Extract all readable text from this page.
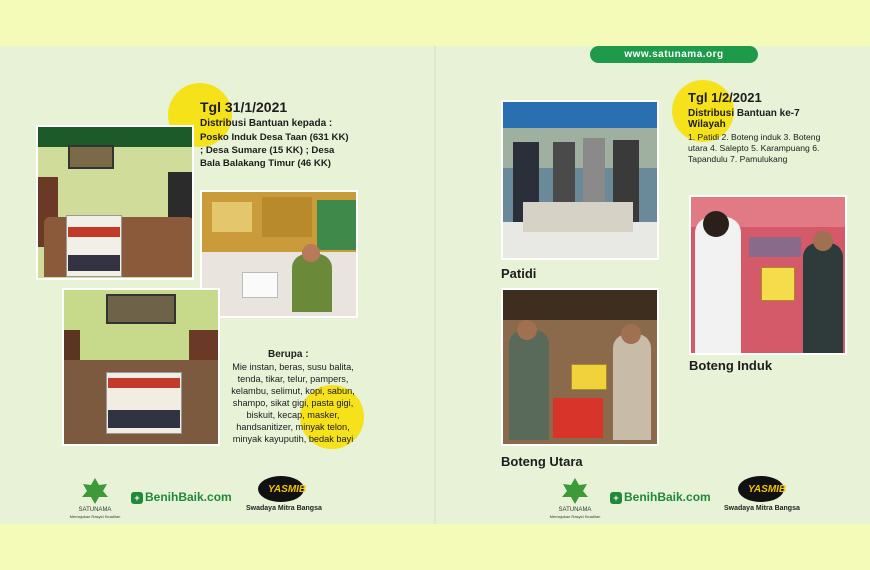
www.satunama.org
Tgl 31/1/2021
Distribusi Bantuan kepada :
Posko Induk Desa Taan (631 KK)
; Desa Sumare (15 KK) ; Desa
Bala Balakang Timur (46 KK)
Berupa :
Mie instan, beras, susu balita,
tenda, tikar, telur, pampers,
kelambu, selimut, kopi, sabun,
shampo, sikat gigi, pasta gigi,
biskuit, kecap, masker,
handsanitizer, minyak telon,
minyak kayuputih, bedak bayi
SATUNAMA
Memajukan Rasyid Keadilan
+ BenihBaik.com
YASMIB
Swadaya Mitra Bangsa
Tgl 1/2/2021
Distribusi Bantuan ke-7
Wilayah
1. Patidi 2. Boteng induk 3. Boteng
utara 4. Salepto 5. Karampuang 6.
Tapandulu 7. Pamulukang
Patidi
Boteng Utara
Boteng Induk
SATUNAMA
Memajukan Rasyid Keadilan
+ BenihBaik.com
YASMIB
Swadaya Mitra Bangsa
